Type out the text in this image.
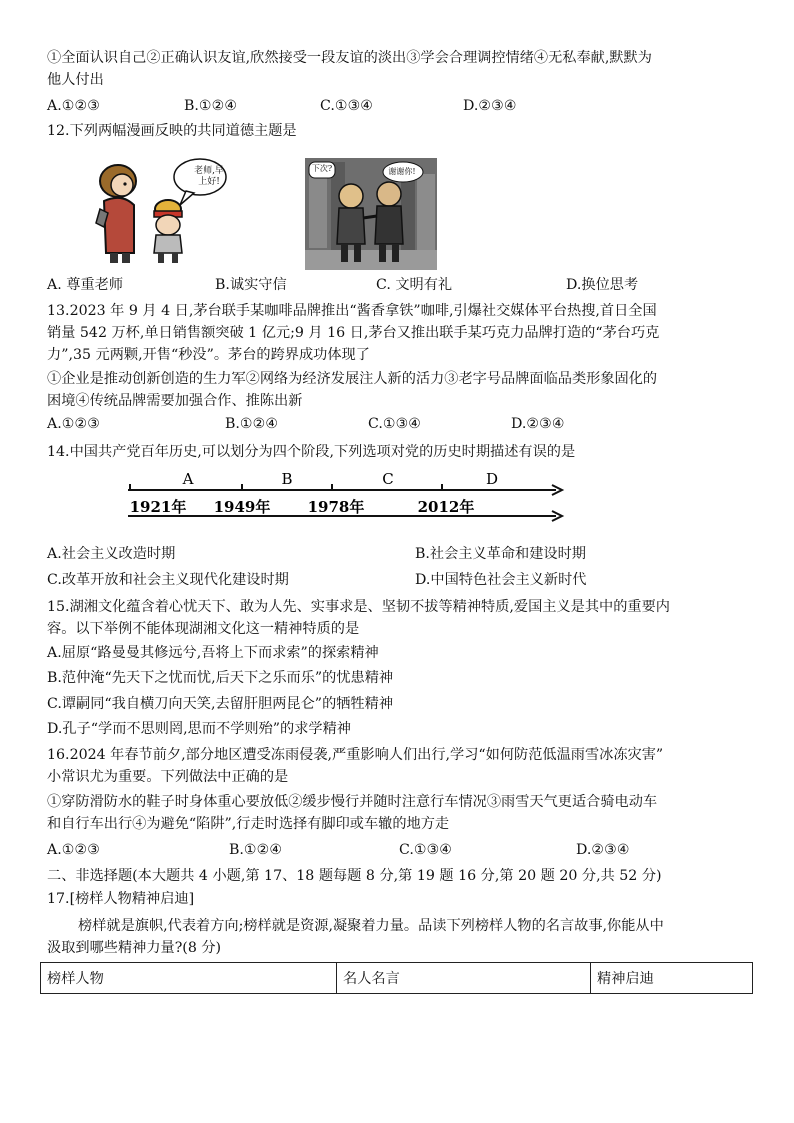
①全面认识自己②正确认识友谊,欣然接受一段友谊的淡出③学会合理调控情绪④无私奉献,默默为
他人付出
A.①②③	B.①②④	C.①③④	D.②③④
12.下列两幅漫画反映的共同道德主题是
老师,早上好!
下次?	谢谢你!
A. 尊重老师	B.诚实守信	C. 文明有礼	D.换位思考
13.2023 年 9 月 4 日,茅台联手某咖啡品牌推出“酱香拿铁”咖啡,引爆社交媒体平台热搜,首日全国
销量 542 万杯,单日销售额突破 1 亿元;9 月 16 日,茅台又推出联手某巧克力品牌打造的“茅台巧克
力”,35 元两颗,开售“秒没”。茅台的跨界成功体现了
①企业是推动创新创造的生力军②网络为经济发展注人新的活力③老字号品牌面临品类形象固化的
困境④传统品牌需要加强合作、推陈出新
A.①②③	B.①②④	C.①③④	D.②③④
14.中国共产党百年历史,可以划分为四个阶段,下列选项对党的历史时期描述有误的是
A	B	C	D
1921年 1949年 1978年	2012年
A.社会主义改造时期	B.社会主义革命和建设时期
C.改革开放和社会主义现代化建设时期	D.中国特色社会主义新时代
15.湖湘文化蕴含着心忧天下、敢为人先、实事求是、坚韧不拔等精神特质,爱国主义是其中的重要内
容。以下举例不能体现湖湘文化这一精神特质的是
A.屈原“路曼曼其修远兮,吾将上下而求索”的探索精神
B.范仲淹“先天下之忧而忧,后天下之乐而乐”的忧患精神
C.谭嗣同“我自横刀向天笑,去留肝胆两昆仑”的牺牲精神
D.孔子“学而不思则罔,思而不学则殆”的求学精神
16.2024 年春节前夕,部分地区遭受冻雨侵袭,严重影响人们出行,学习“如何防范低温雨雪冰冻灾害”
小常识尤为重要。下列做法中正确的是
①穿防滑防水的鞋子时身体重心要放低②缓步慢行并随时注意行车情况③雨雪天气更适合骑电动车
和自行车出行④为避免“陷阱”,行走时选择有脚印或车辙的地方走
A.①②③	B.①②④	C.①③④	D.②③④
二、非选择题(本大题共 4 小题,第 17、18 题每题 8 分,第 19 题 16 分,第 20 题 20 分,共 52 分)
17.[榜样人物精神启迪]
榜样就是旗帜,代表着方向;榜样就是资源,凝聚着力量。品读下列榜样人物的名言故事,你能从中
汲取到哪些精神力量?(8 分)
榜样人物	名人名言	精神启迪
